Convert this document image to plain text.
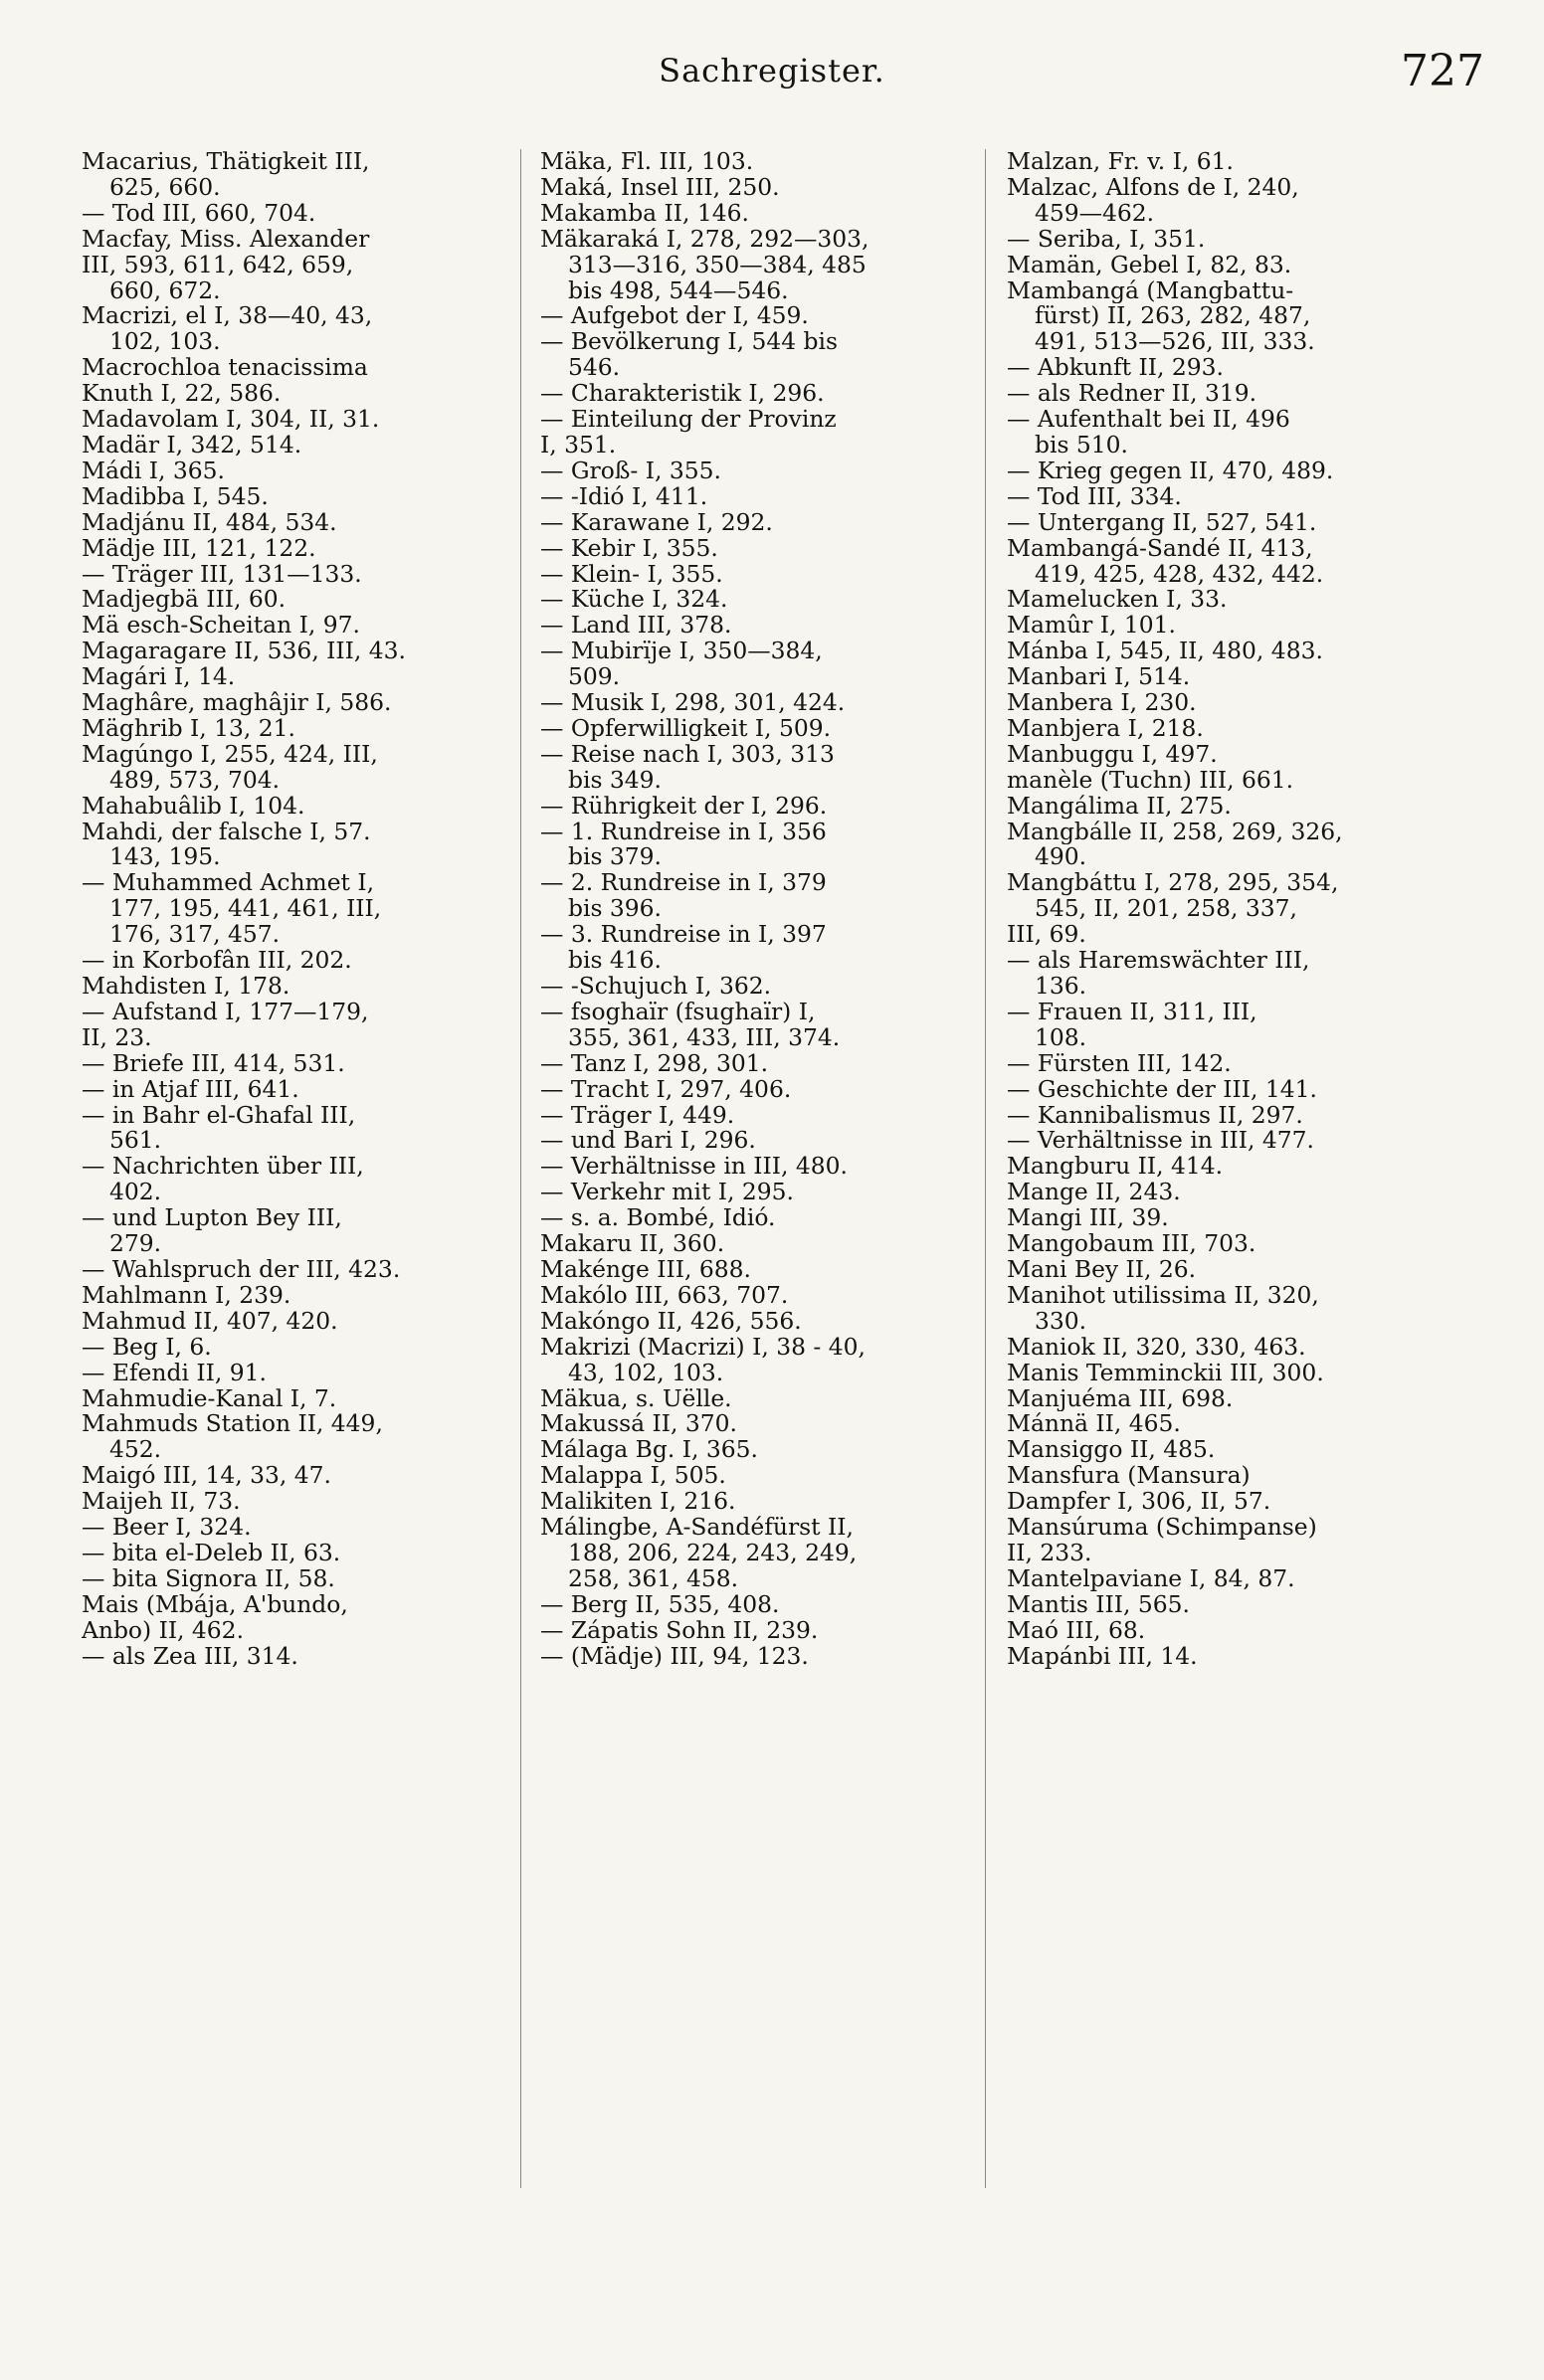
Sachregister.	727
Macarius, Thätigkeit III,
625, 660.
— Tod III, 660, 704.
Macfay, Miss. Alexander
III, 593, 611, 642, 659,
660, 672.
Macrizi, el I, 38—40, 43,
102, 103.
Macrochloa tenacissima
Knuth I, 22, 586.
Madavolam I, 304, II, 31.
Madär I, 342, 514.
Mádi I, 365.
Madibba I, 545.
Madjánu II, 484, 534.
Mädje III, 121, 122.
— Träger III, 131—133.
Madjegbä III, 60.
Mä esch-Scheitan I, 97.
Magaragare II, 536, III, 43.
Magári I, 14.
Maghâre, maghâjir I, 586.
Mäghrib I, 13, 21.
Magúngo I, 255, 424, III,
489, 573, 704.
Mahabuâlib I, 104.
Mahdi, der falsche I, 57.
143, 195.
— Muhammed Achmet I,
177, 195, 441, 461, III,
176, 317, 457.
— in Korbofân III, 202.
Mahdisten I, 178.
— Aufstand I, 177—179,
II, 23.
— Briefe III, 414, 531.
— in Atjaf III, 641.
— in Bahr el-Ghafal III,
561.
— Nachrichten über III,
402.
— und Lupton Bey III,
279.
— Wahlspruch der III, 423.
Mahlmann I, 239.
Mahmud II, 407, 420.
— Beg I, 6.
— Efendi II, 91.
Mahmudie-Kanal I, 7.
Mahmuds Station II, 449,
452.
Maigó III, 14, 33, 47.
Maijeh II, 73.
— Beer I, 324.
— bita el-Deleb II, 63.
— bita Signora II, 58.
Mais (Mbája, A'bundo,
Anbo) II, 462.
— als Zea III, 314.
Mäka, Fl. III, 103.
Maká, Insel III, 250.
Makamba II, 146.
Mäkaraká I, 278, 292—303,
313—316, 350—384, 485
bis 498, 544—546.
— Aufgebot der I, 459.
— Bevölkerung I, 544 bis
546.
— Charakteristik I, 296.
— Einteilung der Provinz
I, 351.
— Groß- I, 355.
— -Idió I, 411.
— Karawane I, 292.
— Kebir I, 355.
— Klein- I, 355.
— Küche I, 324.
— Land III, 378.
— Mubirïje I, 350—384,
509.
— Musik I, 298, 301, 424.
— Opferwilligkeit I, 509.
— Reise nach I, 303, 313
bis 349.
— Rührigkeit der I, 296.
— 1. Rundreise in I, 356
bis 379.
— 2. Rundreise in I, 379
bis 396.
— 3. Rundreise in I, 397
bis 416.
— -Schujuch I, 362.
— fsoghaïr (fsughaïr) I,
355, 361, 433, III, 374.
— Tanz I, 298, 301.
— Tracht I, 297, 406.
— Träger I, 449.
— und Bari I, 296.
— Verhältnisse in III, 480.
— Verkehr mit I, 295.
— s. a. Bombé, Idió.
Makaru II, 360.
Makénge III, 688.
Makólo III, 663, 707.
Makóngo II, 426, 556.
Makrizi (Macrizi) I, 38 - 40,
43, 102, 103.
Mäkua, s. Uëlle.
Makussá II, 370.
Málaga Bg. I, 365.
Malappa I, 505.
Malikiten I, 216.
Málingbe, A-Sandéfürst II,
188, 206, 224, 243, 249,
258, 361, 458.
— Berg II, 535, 408.
— Zápatis Sohn II, 239.
— (Mädje) III, 94, 123.
Malzan, Fr. v. I, 61.
Malzac, Alfons de I, 240,
459—462.
— Seriba, I, 351.
Mamän, Gebel I, 82, 83.
Mambangá (Mangbattu-
fürst) II, 263, 282, 487,
491, 513—526, III, 333.
— Abkunft II, 293.
— als Redner II, 319.
— Aufenthalt bei II, 496
bis 510.
— Krieg gegen II, 470, 489.
— Tod III, 334.
— Untergang II, 527, 541.
Mambangá-Sandé II, 413,
419, 425, 428, 432, 442.
Mamelucken I, 33.
Mamûr I, 101.
Mánba I, 545, II, 480, 483.
Manbari I, 514.
Manbera I, 230.
Manbjera I, 218.
Manbuggu I, 497.
manèle (Tuchn) III, 661.
Mangálima II, 275.
Mangbálle II, 258, 269, 326,
490.
Mangbáttu I, 278, 295, 354,
545, II, 201, 258, 337,
III, 69.
— als Haremswächter III,
136.
— Frauen II, 311, III,
108.
— Fürsten III, 142.
— Geschichte der III, 141.
— Kannibalismus II, 297.
— Verhältnisse in III, 477.
Mangburu II, 414.
Mange II, 243.
Mangi III, 39.
Mangobaum III, 703.
Mani Bey II, 26.
Manihot utilissima II, 320,
330.
Maniok II, 320, 330, 463.
Manis Temminckii III, 300.
Manjuéma III, 698.
Mánnä II, 465.
Mansiggo II, 485.
Mansfura (Mansura)
Dampfer I, 306, II, 57.
Mansúruma (Schimpanse)
II, 233.
Mantelpaviane I, 84, 87.
Mantis III, 565.
Maó III, 68.
Mapánbi III, 14.
